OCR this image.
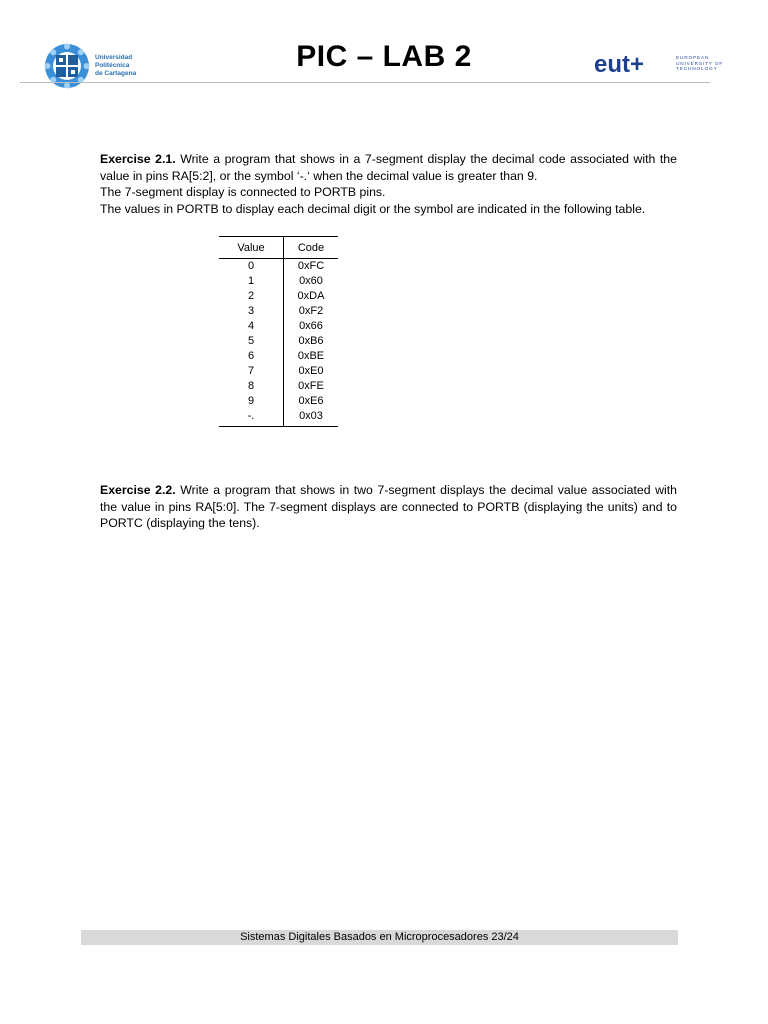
Universidad
Politécnica
de Cartagena
PIC – LAB 2	eut+	EUROPEAN
UNIVERSITY OF
TECHNOLOGY

Exercise 2.1. Write a program that shows in a 7-segment display the decimal code associated with the value in pins RA[5:2], or the symbol ‘-.‘ when the decimal value is greater than 9.

The 7-segment display is connected to PORTB pins.

The values in PORTB to display each decimal digit or the symbol are indicated in the following table.

Value	Code
0	0xFC
1	0x60
2	0xDA
3	0xF2
4	0x66
5	0xB6
6	0xBE
7	0xE0
8	0xFE
9	0xE6
-.	0x03

Exercise 2.2. Write a program that shows in two 7-segment displays the decimal value associated with the value in pins RA[5:0]. The 7-segment displays are connected to PORTB (displaying the units) and to PORTC (displaying the tens).

Sistemas Digitales Basados en Microprocesadores 23/24
